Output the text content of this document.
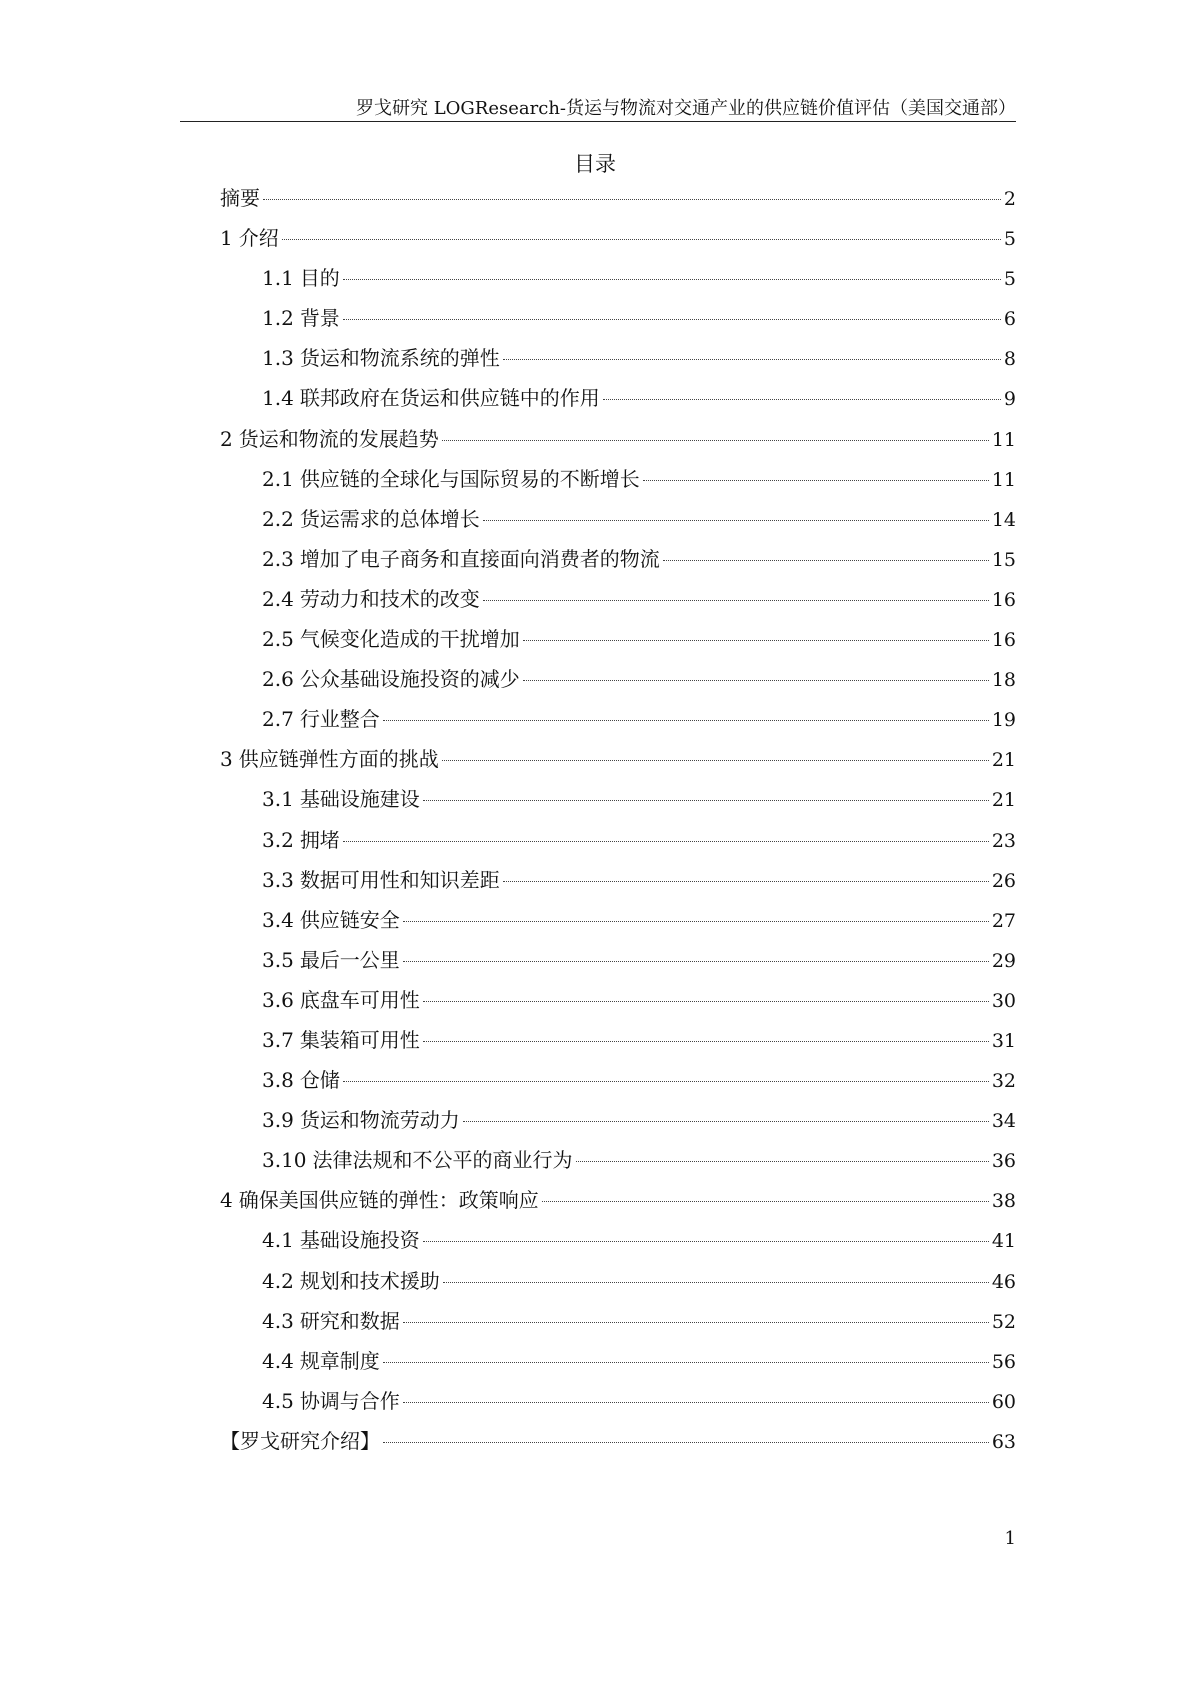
罗戈研究 LOGResearch-货运与物流对交通产业的供应链价值评估（美国交通部）
目录
摘要	2
1 介绍	5
1.1 目的	5
1.2 背景	6
1.3 货运和物流系统的弹性	8
1.4 联邦政府在货运和供应链中的作用	9
2 货运和物流的发展趋势	11
2.1 供应链的全球化与国际贸易的不断增长	11
2.2 货运需求的总体增长	14
2.3 增加了电子商务和直接面向消费者的物流	15
2.4 劳动力和技术的改变	16
2.5 气候变化造成的干扰增加	16
2.6 公众基础设施投资的减少	18
2.7 行业整合	19
3 供应链弹性方面的挑战	21
3.1 基础设施建设	21
3.2 拥堵	23
3.3 数据可用性和知识差距	26
3.4 供应链安全	27
3.5 最后一公里	29
3.6 底盘车可用性	30
3.7 集装箱可用性	31
3.8 仓储	32
3.9 货运和物流劳动力	34
3.10 法律法规和不公平的商业行为	36
4 确保美国供应链的弹性：政策响应	38
4.1 基础设施投资	41
4.2 规划和技术援助	46
4.3 研究和数据	52
4.4 规章制度	56
4.5 协调与合作	60
【罗戈研究介绍】	63
1
